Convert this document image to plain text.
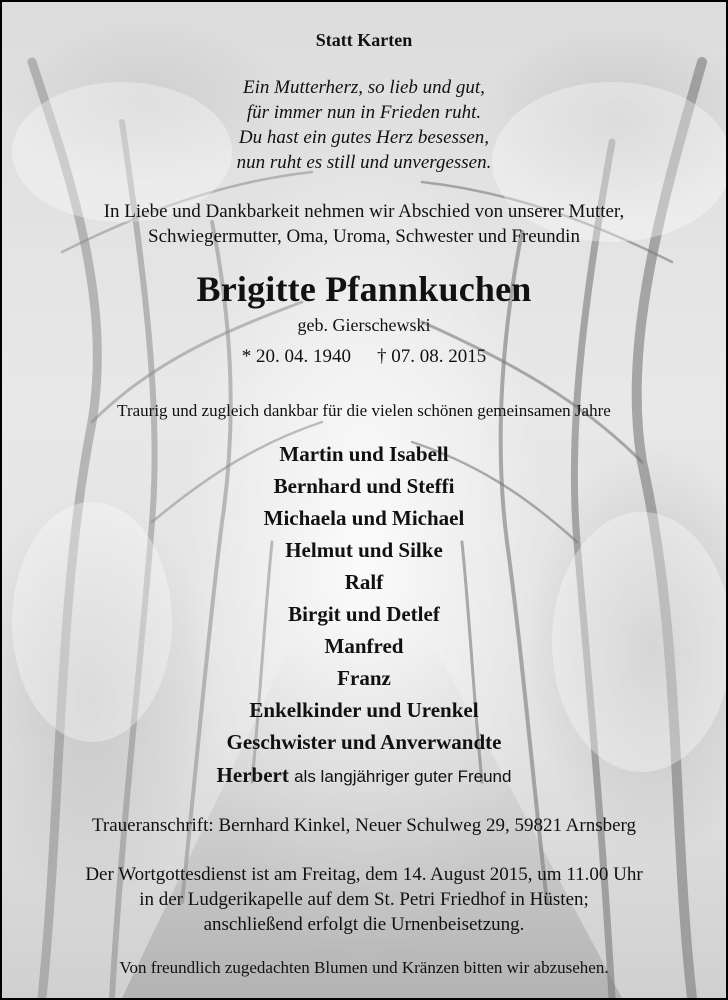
Statt Karten
Ein Mutterherz, so lieb und gut,
für immer nun in Frieden ruht.
Du hast ein gutes Herz besessen,
nun ruht es still und unvergessen.
In Liebe und Dankbarkeit nehmen wir Abschied von unserer Mutter,
Schwiegermutter, Oma, Uroma, Schwester und Freundin
Brigitte Pfannkuchen
geb. Gierschewski
* 20. 04. 1940 † 07. 08. 2015
Traurig und zugleich dankbar für die vielen schönen gemeinsamen Jahre
Martin und Isabell
Bernhard und Steffi
Michaela und Michael
Helmut und Silke
Ralf
Birgit und Detlef
Manfred
Franz
Enkelkinder und Urenkel
Geschwister und Anverwandte
Herbert als langjähriger guter Freund
Traueranschrift: Bernhard Kinkel, Neuer Schulweg 29, 59821 Arnsberg
Der Wortgottesdienst ist am Freitag, dem 14. August 2015, um 11.00 Uhr
in der Ludgerikapelle auf dem St. Petri Friedhof in Hüsten;
anschließend erfolgt die Urnenbeisetzung.
Von freundlich zugedachten Blumen und Kränzen bitten wir abzusehen.
